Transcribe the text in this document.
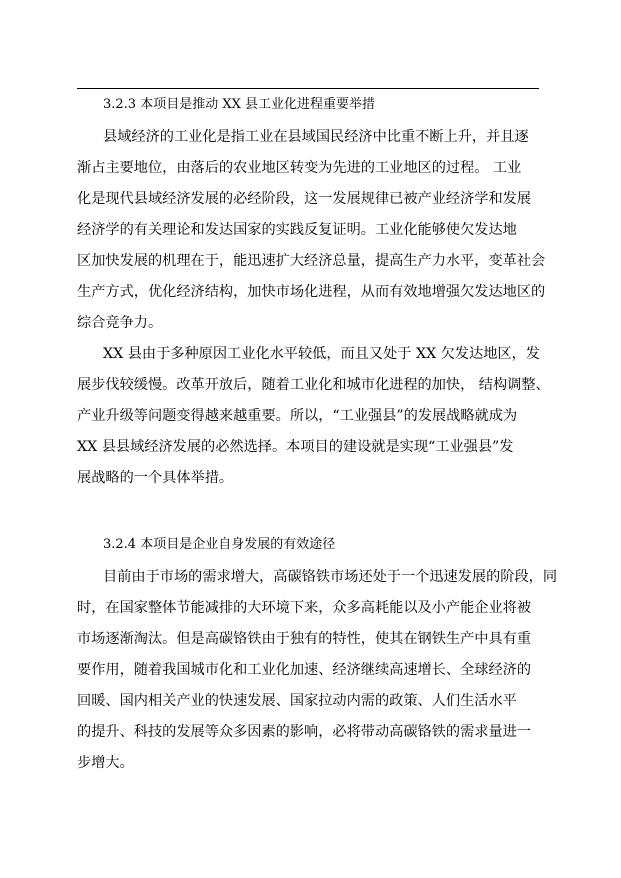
3.2.3 本项目是推动 XX 县工业化进程重要举措
县域经济的工业化是指工业在县域国民经济中比重不断上升，并且逐
渐占主要地位，由落后的农业地区转变为先进的工业地区的过程。 工业
化是现代县域经济发展的必经阶段，这一发展规律已被产业经济学和发展
经济学的有关理论和发达国家的实践反复证明。工业化能够使欠发达地
区加快发展的机理在于，能迅速扩大经济总量，提高生产力水平，变革社会
生产方式，优化经济结构，加快市场化进程，从而有效地增强欠发达地区的
综合竞争力。
XX 县由于多种原因工业化水平较低，而且又处于 XX 欠发达地区，发
展步伐较缓慢。改革开放后，随着工业化和城市化进程的加快， 结构调整、
产业升级等问题变得越来越重要。所以，“工业强县”的发展战略就成为
XX 县县域经济发展的必然选择。本项目的建设就是实现“工业强县”发
展战略的一个具体举措。
3.2.4 本项目是企业自身发展的有效途径
目前由于市场的需求增大，高碳铬铁市场还处于一个迅速发展的阶段，同
时，在国家整体节能减排的大环境下来，众多高耗能以及小产能企业将被
市场逐渐淘汰。但是高碳铬铁由于独有的特性，使其在钢铁生产中具有重
要作用，随着我国城市化和工业化加速、经济继续高速增长、全球经济的
回暖、国内相关产业的快速发展、国家拉动内需的政策、人们生活水平
的提升、科技的发展等众多因素的影响，必将带动高碳铬铁的需求量进一
步增大。
